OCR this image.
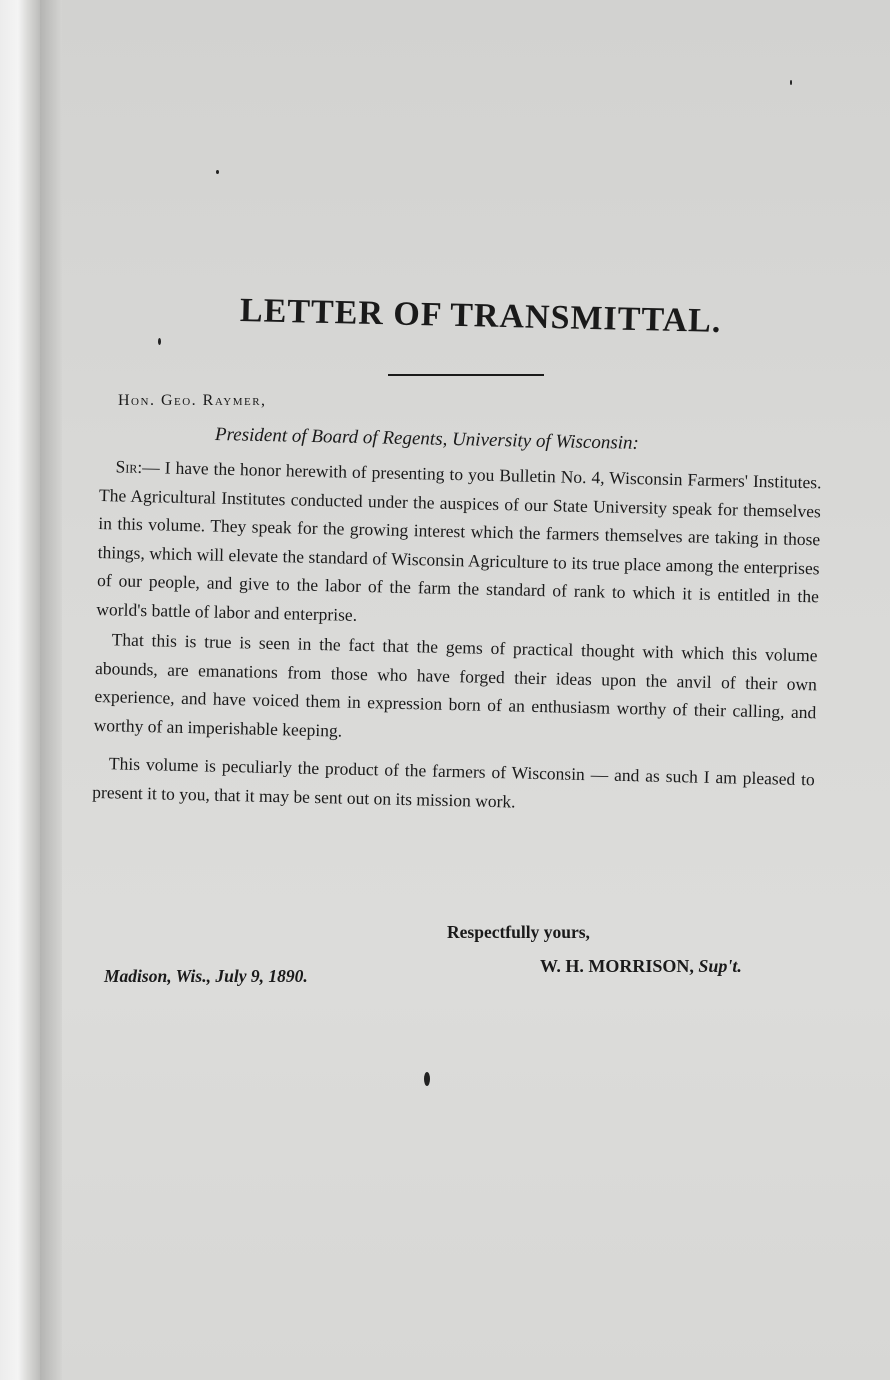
LETTER OF TRANSMITTAL.
Hon. Geo. Raymer,
President of Board of Regents, University of Wisconsin:

Sir:— I have the honor herewith of presenting to you Bulletin No. 4, Wisconsin Farmers' Institutes. The Agricultural Institutes conducted under the auspices of our State University speak for themselves in this volume. They speak for the growing interest which the farmers themselves are taking in those things, which will elevate the standard of Wisconsin Agriculture to its true place among the enterprises of our people, and give to the labor of the farm the standard of rank to which it is entitled in the world's battle of labor and enterprise.

That this is true is seen in the fact that the gems of practical thought with which this volume abounds, are emanations from those who have forged their ideas upon the anvil of their own experience, and have voiced them in expression born of an enthusiasm worthy of their calling, and worthy of an imperishable keeping.

This volume is peculiarly the product of the farmers of Wisconsin — and as such I am pleased to present it to you, that it may be sent out on its mission work.

Respectfully yours,
Madison, Wis., July 9, 1890.	W. H. MORRISON, Sup't.
